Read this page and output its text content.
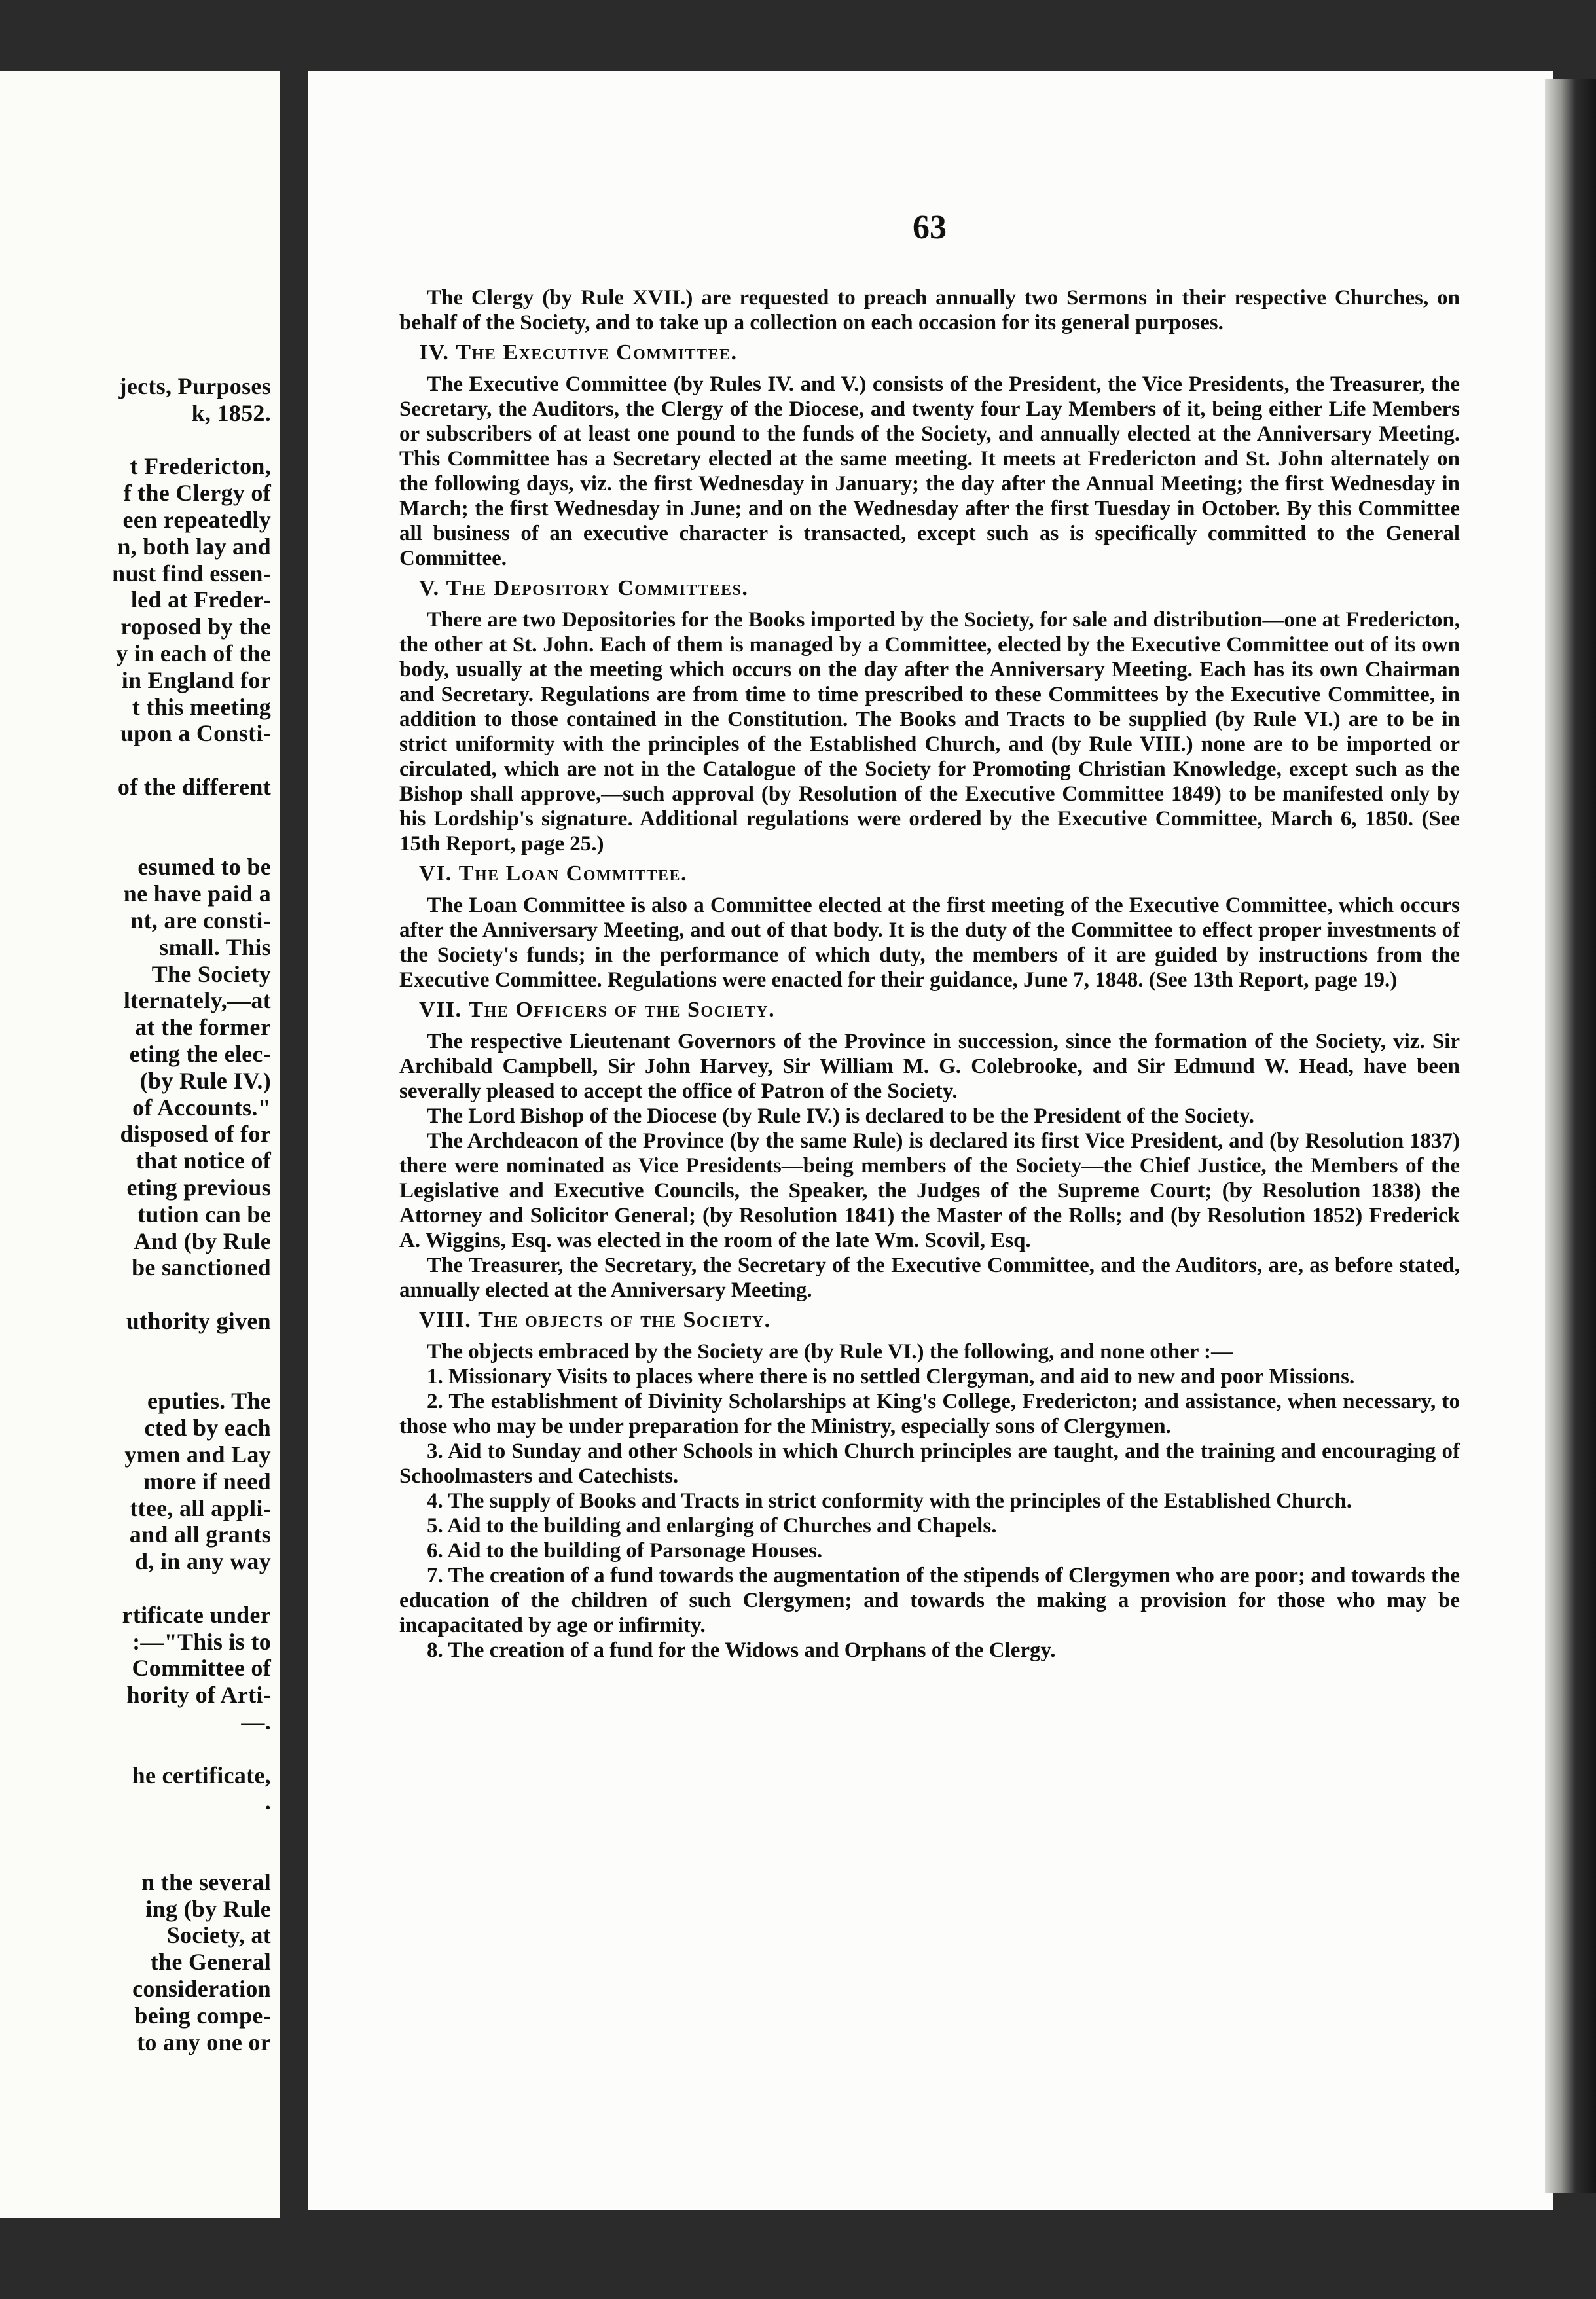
jects, Purposes
k, 1852.
t Fredericton,
f the Clergy of
een repeatedly
n, both lay and
nust find essen-
led at Freder-
roposed by the
y in each of the
in England for
t this meeting
upon a Consti-
of the different
esumed to be
ne have paid a
nt, are consti-
small. This
The Society
lternately,—at
at the former
eting the elec-
(by Rule IV.)
of Accounts."
disposed of for
that notice of
eting previous
tution can be
And (by Rule
be sanctioned
uthority given
eputies. The
cted by each
ymen and Lay
more if need
ttee, all appli-
and all grants
d, in any way
rtificate under
:—"This is to
Committee of
hority of Arti-
—.
he certificate,
.
n the several
ing (by Rule
Society, at
the General
consideration
being compe-
to any one or
63

The Clergy (by Rule XVII.) are requested to preach annually two Sermons in their respective Churches, on behalf of the Society, and to take up a collection on each occasion for its general purposes.

IV. The Executive Committee.

The Executive Committee (by Rules IV. and V.) consists of the President, the Vice Presidents, the Treasurer, the Secretary, the Auditors, the Clergy of the Diocese, and twenty four Lay Members of it, being either Life Members or subscribers of at least one pound to the funds of the Society, and annually elected at the Anniversary Meeting. This Committee has a Secretary elected at the same meeting. It meets at Fredericton and St. John alternately on the following days, viz. the first Wednesday in January; the day after the Annual Meeting; the first Wednesday in March; the first Wednesday in June; and on the Wednesday after the first Tuesday in October. By this Committee all business of an executive character is transacted, except such as is specifically committed to the General Committee.

V. The Depository Committees.

There are two Depositories for the Books imported by the Society, for sale and distribution—one at Fredericton, the other at St. John. Each of them is managed by a Committee, elected by the Executive Committee out of its own body, usually at the meeting which occurs on the day after the Anniversary Meeting. Each has its own Chairman and Secretary. Regulations are from time to time prescribed to these Committees by the Executive Committee, in addition to those contained in the Constitution. The Books and Tracts to be supplied (by Rule VI.) are to be in strict uniformity with the principles of the Established Church, and (by Rule VIII.) none are to be imported or circulated, which are not in the Catalogue of the Society for Promoting Christian Knowledge, except such as the Bishop shall approve,—such approval (by Resolution of the Executive Committee 1849) to be manifested only by his Lordship's signature. Additional regulations were ordered by the Executive Committee, March 6, 1850. (See 15th Report, page 25.)

VI. The Loan Committee.

The Loan Committee is also a Committee elected at the first meeting of the Executive Committee, which occurs after the Anniversary Meeting, and out of that body. It is the duty of the Committee to effect proper investments of the Society's funds; in the performance of which duty, the members of it are guided by instructions from the Executive Committee. Regulations were enacted for their guidance, June 7, 1848. (See 13th Report, page 19.)

VII. The Officers of the Society.

The respective Lieutenant Governors of the Province in succession, since the formation of the Society, viz. Sir Archibald Campbell, Sir John Harvey, Sir William M. G. Colebrooke, and Sir Edmund W. Head, have been severally pleased to accept the office of Patron of the Society.

The Lord Bishop of the Diocese (by Rule IV.) is declared to be the President of the Society.

The Archdeacon of the Province (by the same Rule) is declared its first Vice President, and (by Resolution 1837) there were nominated as Vice Presidents—being members of the Society—the Chief Justice, the Members of the Legislative and Executive Councils, the Speaker, the Judges of the Supreme Court; (by Resolution 1838) the Attorney and Solicitor General; (by Resolution 1841) the Master of the Rolls; and (by Resolution 1852) Frederick A. Wiggins, Esq. was elected in the room of the late Wm. Scovil, Esq.

The Treasurer, the Secretary, the Secretary of the Executive Committee, and the Auditors, are, as before stated, annually elected at the Anniversary Meeting.

VIII. The objects of the Society.

The objects embraced by the Society are (by Rule VI.) the following, and none other :—

1. Missionary Visits to places where there is no settled Clergyman, and aid to new and poor Missions.

2. The establishment of Divinity Scholarships at King's College, Fredericton; and assistance, when necessary, to those who may be under preparation for the Ministry, especially sons of Clergymen.

3. Aid to Sunday and other Schools in which Church principles are taught, and the training and encouraging of Schoolmasters and Catechists.

4. The supply of Books and Tracts in strict conformity with the principles of the Established Church.

5. Aid to the building and enlarging of Churches and Chapels.

6. Aid to the building of Parsonage Houses.

7. The creation of a fund towards the augmentation of the stipends of Clergymen who are poor; and towards the education of the children of such Clergymen; and towards the making a provision for those who may be incapacitated by age or infirmity.

8. The creation of a fund for the Widows and Orphans of the Clergy.
